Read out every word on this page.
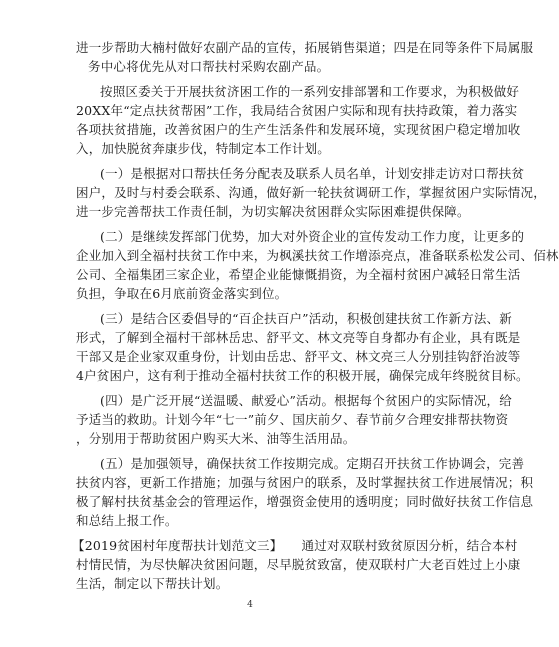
进一步帮助大楠村做好农副产品的宣传，拓展销售渠道；四是在同等条件下局属服
务中心将优先从对口帮扶村采购农副产品。
按照区委关于开展扶贫济困工作的一系列安排部署和工作要求，为积极做好
20XX年“定点扶贫帮困”工作，我局结合贫困户实际和现有扶持政策，着力落实
各项扶贫措施，改善贫困户的生产生活条件和发展环境，实现贫困户稳定增加收
入，加快脱贫奔康步伐，特制定本工作计划。
(一）是根据对口帮扶任务分配表及联系人员名单，计划安排走访对口帮扶贫
困户，及时与村委会联系、沟通，做好新一轮扶贫调研工作，掌握贫困户实际情况，
进一步完善帮扶工作责任制，为切实解决贫困群众实际困难提供保障。
(二）是继续发挥部门优势，加大对外资企业的宣传发动工作力度，让更多的
企业加入到全福村扶贫工作中来，为枫溪扶贫工作增添亮点，准备联系松发公司、佰林
公司、全福集团三家企业，希望企业能慷慨捐资，为全福村贫困户减轻日常生活
负担，争取在6月底前资金落实到位。
(三）是结合区委倡导的“百企扶百户”活动，积极创建扶贫工作新方法、新
形式，了解到全福村干部林岳忠、舒平文、林文亮等自身都办有企业，具有既是
干部又是企业家双重身份，计划由岳忠、舒平文、林文亮三人分别挂钩舒治波等
4户贫困户，这有利于推动全福村扶贫工作的积极开展，确保完成年终脱贫目标。
(四）是广泛开展“送温暖、献爱心”活动。根据每个贫困户的实际情况，给
予适当的救助。计划今年“七一”前夕、国庆前夕、春节前夕合理安排帮扶物资
，分别用于帮助贫困户购买大米、油等生活用品。
(五）是加强领导，确保扶贫工作按期完成。定期召开扶贫工作协调会，完善
扶贫内容，更新工作措施；加强与贫困户的联系，及时掌握扶贫工作进展情况；积
极了解村扶贫基金会的管理运作，增强资金使用的透明度；同时做好扶贫工作信息
和总结上报工作。
【2019贫困村年度帮扶计划范文三】　　通过对双联村致贫原因分析，结合本村
村情民情，为尽快解决贫困问题，尽早脱贫致富，使双联村广大老百姓过上小康
生活，制定以下帮扶计划。
4
